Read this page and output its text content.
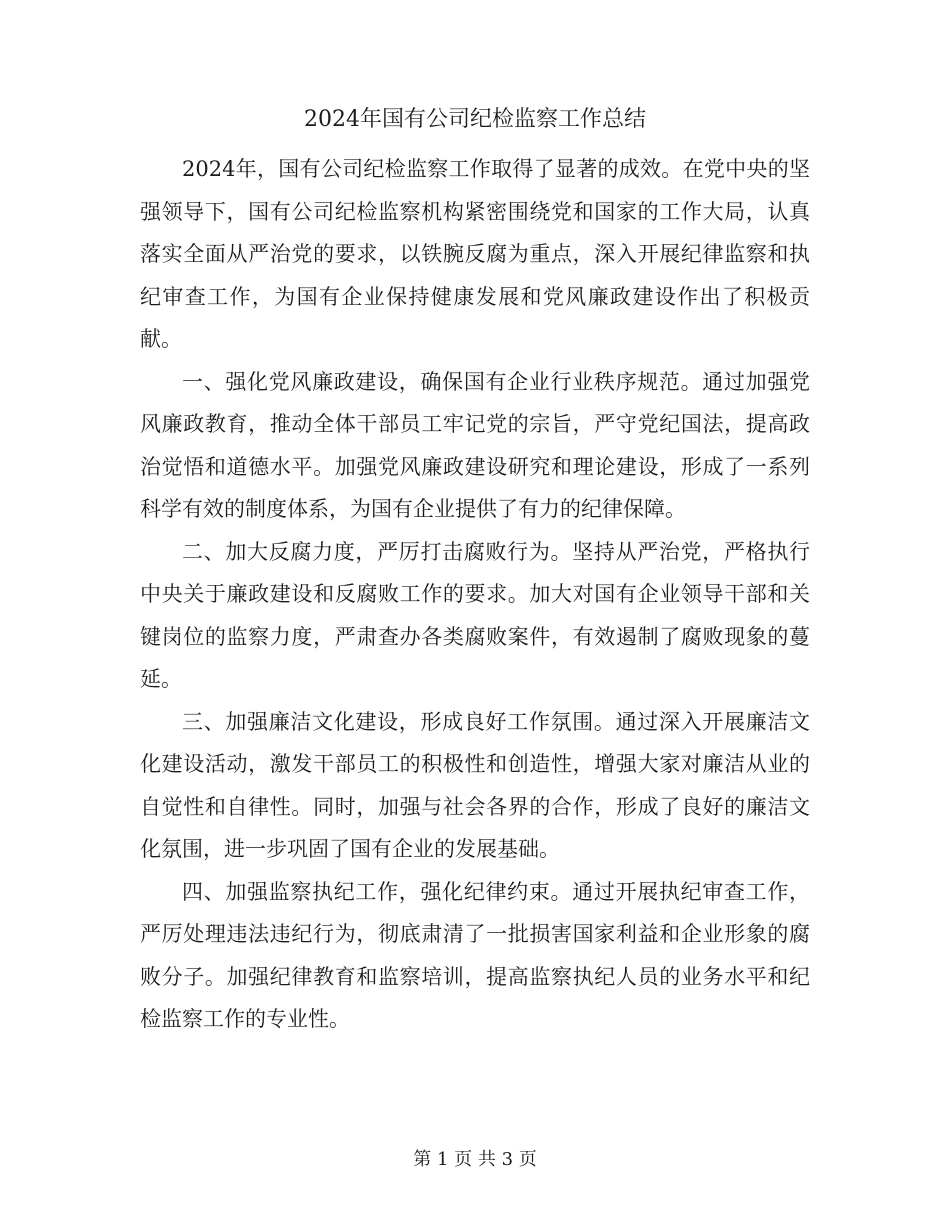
2024年国有公司纪检监察工作总结

2024年，国有公司纪检监察工作取得了显著的成效。在党中央的坚强领导下，国有公司纪检监察机构紧密围绕党和国家的工作大局，认真落实全面从严治党的要求，以铁腕反腐为重点，深入开展纪律监察和执纪审查工作，为国有企业保持健康发展和党风廉政建设作出了积极贡献。

一、强化党风廉政建设，确保国有企业行业秩序规范。通过加强党风廉政教育，推动全体干部员工牢记党的宗旨，严守党纪国法，提高政治觉悟和道德水平。加强党风廉政建设研究和理论建设，形成了一系列科学有效的制度体系，为国有企业提供了有力的纪律保障。

二、加大反腐力度，严厉打击腐败行为。坚持从严治党，严格执行中央关于廉政建设和反腐败工作的要求。加大对国有企业领导干部和关键岗位的监察力度，严肃查办各类腐败案件，有效遏制了腐败现象的蔓延。

三、加强廉洁文化建设，形成良好工作氛围。通过深入开展廉洁文化建设活动，激发干部员工的积极性和创造性，增强大家对廉洁从业的自觉性和自律性。同时，加强与社会各界的合作，形成了良好的廉洁文化氛围，进一步巩固了国有企业的发展基础。

四、加强监察执纪工作，强化纪律约束。通过开展执纪审查工作，严厉处理违法违纪行为，彻底肃清了一批损害国家利益和企业形象的腐败分子。加强纪律教育和监察培训，提高监察执纪人员的业务水平和纪检监察工作的专业性。

第 1 页 共 3 页
